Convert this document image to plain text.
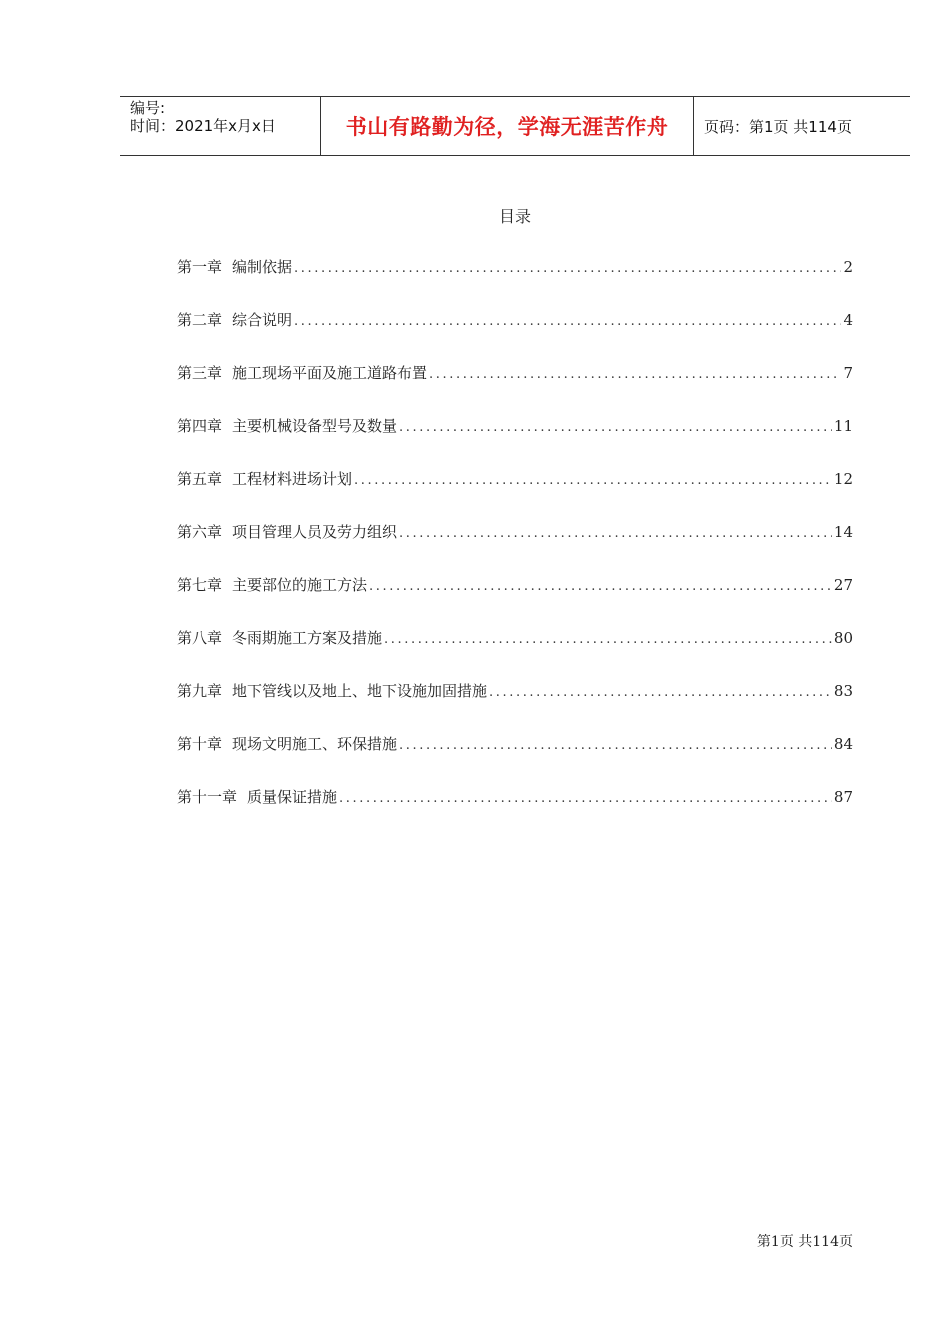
编号:
时间：2021年x月x日	书山有路勤为径，学海无涯苦作舟	页码：第1页 共114页
目录
第一章 编制依据 .....	2
第二章 综合说明 .....	4
第三章 施工现场平面及施工道路布置 .....	7
第四章 主要机械设备型号及数量 .....	11
第五章 工程材料进场计划 .....	12
第六章 项目管理人员及劳力组织 .....	14
第七章 主要部位的施工方法 .....	27
第八章 冬雨期施工方案及措施 .....	80
第九章 地下管线以及地上、地下设施加固措施 .....	83
第十章 现场文明施工、环保措施 .....	84
第十一章 质量保证措施 .....	87
第1页 共114页
